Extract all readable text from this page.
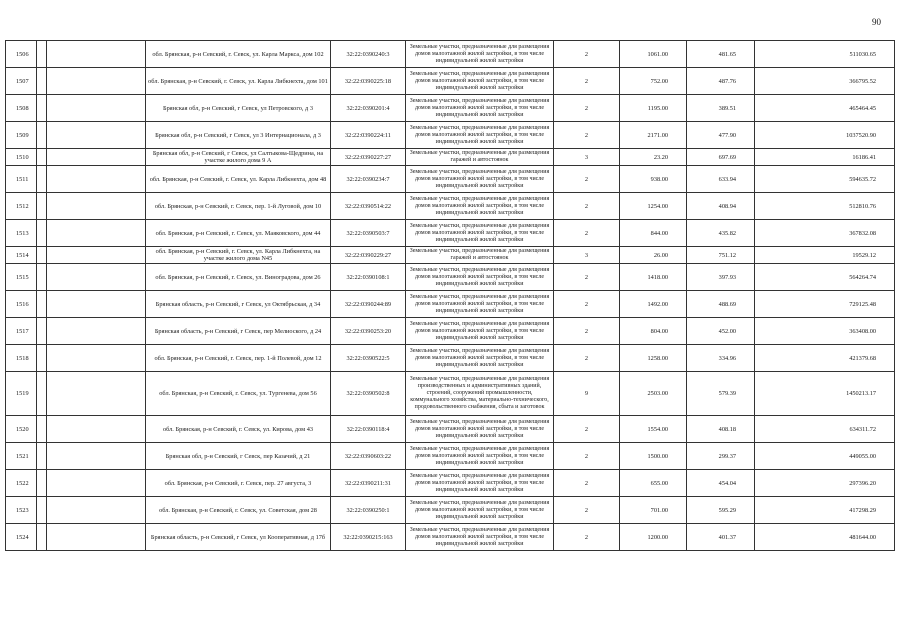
90
1506			обл. Брянская, р-н Севский, г. Севск, ул. Карла Маркса, дом 102	32:22:0390240:3	Земельные участки, предназначенные для размещения домов малоэтажной жилой застройки, в том числе индивидуальной жилой застройки	2	1061.00	481.65	511030.65
1507			обл. Брянская, р-н Севский, г. Севск, ул. Карла Либкнехта, дом 101	32:22:0390225:18	Земельные участки, предназначенные для размещения домов малоэтажной жилой застройки, в том числе индивидуальной жилой застройки	2	752.00	487.76	366795.52
1508			Брянская обл, р-н Севский, г Севск, ул Петровского, д 3	32:22:0390201:4	Земельные участки, предназначенные для размещения домов малоэтажной жилой застройки, в том числе индивидуальной жилой застройки	2	1195.00	389.51	465464.45
1509			Брянская обл, р-н Севский, г Севск, ул 3 Интернационала, д 3	32:22:0390224:11	Земельные участки, предназначенные для размещения домов малоэтажной жилой застройки, в том числе индивидуальной жилой застройки	2	2171.00	477.90	1037520.90
1510			Брянская обл, р-н Севский, г Севск, ул Салтыкова-Щедрина, на участке жилого дома 9 А	32:22:0390227:27	Земельные участки, предназначенные для размещения гаражей и автостоянок	3	23.20	697.69	16186.41
1511			обл. Брянская, р-н Севский, г. Севск, ул. Карла Либкнехта, дом 48	32:22:0390234:7	Земельные участки, предназначенные для размещения домов малоэтажной жилой застройки, в том числе индивидуальной жилой застройки	2	938.00	633.94	594635.72
1512			обл. Брянская, р-н Севский, г. Севск, пер. 1-й Луговой, дом 10	32:22:0390514:22	Земельные участки, предназначенные для размещения домов малоэтажной жилой застройки, в том числе индивидуальной жилой застройки	2	1254.00	408.94	512810.76
1513			обл. Брянская, р-н Севский, г. Севск, ул. Маяковского, дом 44	32:22:0390503:7	Земельные участки, предназначенные для размещения домов малоэтажной жилой застройки, в том числе индивидуальной жилой застройки	2	844.00	435.82	367832.08
1514			обл. Брянская, р-н Севский, г. Севск, ул. Карла Либкнехта, на участке жилого дома N45	32:22:0390229:27	Земельные участки, предназначенные для размещения гаражей и автостоянок	3	26.00	751.12	19529.12
1515			обл. Брянская, р-н Севский, г. Севск, ул. Виноградова, дом 26	32:22:0390108:1	Земельные участки, предназначенные для размещения домов малоэтажной жилой застройки, в том числе индивидуальной жилой застройки	2	1418.00	397.93	564264.74
1516			Брянская область, р-н Севский, г Севск, ул Октябрьская, д 34	32:22:0390244:89	Земельные участки, предназначенные для размещения домов малоэтажной жилой застройки, в том числе индивидуальной жилой застройки	2	1492.00	488.69	729125.48
1517			Брянская область, р-н Севский, г Севск, пер Мелиоского, д 24	32:22:0390253:20	Земельные участки, предназначенные для размещения домов малоэтажной жилой застройки, в том числе индивидуальной жилой застройки	2	804.00	452.00	363408.00
1518			обл. Брянская, р-н Севский, г. Севск, пер. 1-й Полевой, дом 12	32:22:0390522:5	Земельные участки, предназначенные для размещения домов малоэтажной жилой застройки, в том числе индивидуальной жилой застройки	2	1258.00	334.96	421379.68
1519			обл. Брянская, р-н Севский, г. Севск, ул. Тургенева, дом 56	32:22:0390502:8	Земельные участки, предназначенные для размещения производственных и административных зданий, строений, сооружений промышленности, коммунального хозяйства, материально-технического, продовольственного снабжения, сбыта и заготовок	9	2503.00	579.39	1450213.17
1520			обл. Брянская, р-н Севский, г. Севск, ул. Кирова, дом 43	32:22:0390118:4	Земельные участки, предназначенные для размещения домов малоэтажной жилой застройки, в том числе индивидуальной жилой застройки	2	1554.00	408.18	634311.72
1521			Брянская обл, р-н Севский, г Севск, пер Казачий, д 21	32:22:0390603:22	Земельные участки, предназначенные для размещения домов малоэтажной жилой застройки, в том числе индивидуальной жилой застройки	2	1500.00	299.37	449055.00
1522			обл. Брянская, р-н Севский, г. Севск, пер. 27 августа, 3	32:22:0390211:31	Земельные участки, предназначенные для размещения домов малоэтажной жилой застройки, в том числе индивидуальной жилой застройки	2	655.00	454.04	297396.20
1523			обл. Брянская, р-н Севский, г. Севск, ул. Советская, дом 28	32:22:0390250:1	Земельные участки, предназначенные для размещения домов малоэтажной жилой застройки, в том числе индивидуальной жилой застройки	2	701.00	595.29	417298.29
1524			Брянская область, р-н Севский, г Севск, ул Кооперативная, д 17б	32:22:0390215:163	Земельные участки, предназначенные для размещения домов малоэтажной жилой застройки, в том числе индивидуальной жилой застройки	2	1200.00	401.37	481644.00
